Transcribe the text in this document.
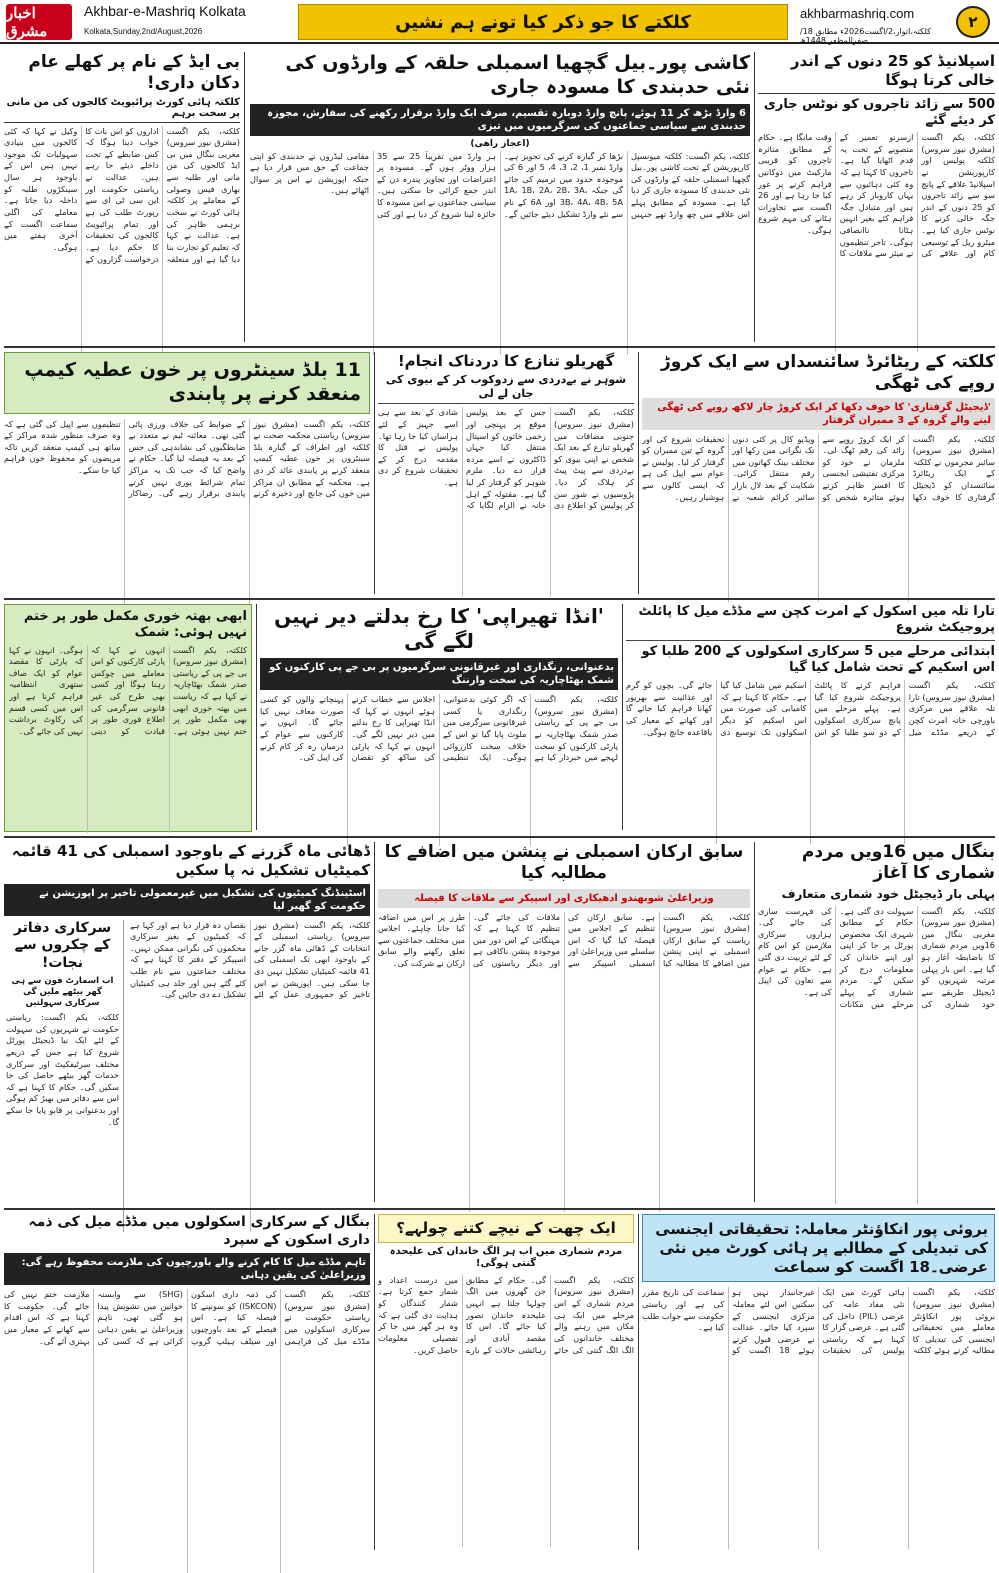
اخبار مشرق
Akhbar-e-Mashriq Kolkata
Kolkata,Sunday,2nd/August,2026	کلکتے کا جو ذکر کیا تونے ہم نشیں	akhbarmashriq.com
کلکتہ،اتوار،2/اگست2026ء مطابق 18/صفرالمظفر 1448ھ
۲
بی ایڈ کے نام پر کھلے عام دکان داری!
کلکتہ ہائی کورٹ پرائیویٹ کالجوں کی من مانی پر سخت برہم
کلکتہ، یکم اگست (مشرق نیوز سروس) مغربی بنگال میں بی ایڈ کالجوں کی من مانی اور طلبہ سے بھاری فیس وصولی کے معاملے پر کلکتہ ہائی کورٹ نے سخت برہمی ظاہر کی ہے۔ عدالت نے کہا کہ تعلیم کو تجارت بنا دیا گیا ہے اور متعلقہ اداروں کو اس بات کا جواب دینا ہوگا کہ کس ضابطے کے تحت داخلے دیئے جا رہے ہیں۔ عدالت نے ریاستی حکومت اور این سی ٹی ای سے رپورٹ طلب کی ہے اور تمام پرائیویٹ کالجوں کی تحقیقات کا حکم دیا ہے۔ درخواست گزاروں کے وکیل نے کہا کہ کئی کالجوں میں بنیادی سہولیات تک موجود نہیں ہیں اس کے باوجود ہر سال سینکڑوں طلبہ کو داخلہ دیا جاتا ہے۔ معاملے کی اگلی سماعت اگست کے آخری ہفتے میں ہوگی۔
کاشی پور۔بیل گچھیا اسمبلی حلقہ کے وارڈوں کی نئی حدبندی کا مسودہ جاری
6 وارڈ بڑھ کر 11 ہوئے، پانچ وارڈ دوبارہ تقسیم، صرف ایک وارڈ برقرار رکھنے کی سفارش، مجوزہ حدبندی سے سیاسی جماعتوں کی سرگرمیوں میں تیزی
(اعجاز راھی)
کلکتہ، یکم اگست: کلکتہ میونسپل کارپوریشن کے تحت کاشی پور۔بیل گچھیا اسمبلی حلقہ کے وارڈوں کی نئی حدبندی کا مسودہ جاری کر دیا گیا ہے۔ مسودہ کے مطابق پہلے اس علاقے میں چھ وارڈ تھے جنہیں بڑھا کر گیارہ کرنے کی تجویز ہے۔ وارڈ نمبر 1، 2، 3، 4، 5 اور 6 کی موجودہ حدود میں ترمیم کی جائے گی جبکہ 1A، 1B، 2A، 2B، 3A، 3B، 4A، 4B، 5A اور 6A کے نام سے نئے وارڈ تشکیل دیئے جائیں گے۔ ہر وارڈ میں تقریباً 25 سے 35 ہزار ووٹر ہوں گے۔ مسودہ پر اعتراضات اور تجاویز پندرہ دن کے اندر جمع کرائی جا سکتی ہیں۔ سیاسی جماعتوں نے اس مسودہ کا جائزہ لینا شروع کر دیا ہے اور کئی مقامی لیڈروں نے حدبندی کو اپنی جماعت کے حق میں قرار دیا ہے جبکہ اپوزیشن نے اس پر سوال اٹھائے ہیں۔
اسپلانیڈ کو 25 دنوں کے اندر خالی کرنا ہوگا
500 سے زائد تاجروں کو نوٹس جاری کر دیئے گئے
کلکتہ، یکم اگست (مشرق نیوز سروس) کلکتہ پولیس اور کارپوریشن نے اسپلانیڈ علاقے کے پانچ سو سے زائد تاجروں کو 25 دنوں کے اندر جگہ خالی کرنے کا نوٹس جاری کیا ہے۔ میٹرو ریل کے توسیعی کام اور علاقے کی ازسرنو تعمیر کے منصوبے کے تحت یہ قدم اٹھایا گیا ہے۔ تاجروں کا کہنا ہے کہ وہ کئی دہائیوں سے یہاں کاروبار کر رہے ہیں اور متبادل جگہ فراہم کئے بغیر انہیں ہٹانا ناانصافی ہوگی۔ تاجر تنظیموں نے میئر سے ملاقات کا وقت مانگا ہے۔ حکام کے مطابق متاثرہ تاجروں کو قریبی مارکیٹ میں دوکانیں فراہم کرنے پر غور کیا جا رہا ہے اور 26 اگست سے تجاوزات ہٹانے کی مہم شروع ہوگی۔
11 بلڈ سینٹروں پر خون عطیہ کیمپ منعقد کرنے پر پابندی
کلکتہ، یکم اگست (مشرق نیوز سروس) ریاستی محکمہ صحت نے کلکتہ اور اطراف کے گیارہ بلڈ سینٹروں پر خون عطیہ کیمپ منعقد کرنے پر پابندی عائد کر دی ہے۔ محکمہ کے مطابق ان مراکز میں خون کی جانچ اور ذخیرہ کرنے کے ضوابط کی خلاف ورزی پائی گئی تھی۔ معائنہ ٹیم نے متعدد بے ضابطگیوں کی نشاندہی کی جس کے بعد یہ فیصلہ لیا گیا۔ حکام نے واضح کیا کہ جب تک یہ مراکز تمام شرائط پوری نہیں کرتے پابندی برقرار رہے گی۔ رضاکار تنظیموں سے اپیل کی گئی ہے کہ وہ صرف منظور شدہ مراکز کے ساتھ ہی کیمپ منعقد کریں تاکہ مریضوں کو محفوظ خون فراہم کیا جا سکے۔
گھریلو تنازع کا دردناک انجام!
شوہر نے بےدردی سے زدوکوب کر کے بیوی کی جان لے لی
کلکتہ، یکم اگست (مشرق نیوز سروس) جنوبی مضافات میں گھریلو تنازع کے بعد ایک شخص نے اپنی بیوی کو بےدردی سے پیٹ پیٹ کر ہلاک کر دیا۔ پڑوسیوں نے شور سن کر پولیس کو اطلاع دی جس کے بعد پولیس موقع پر پہنچی اور زخمی خاتون کو اسپتال منتقل کیا جہاں ڈاکٹروں نے اسے مردہ قرار دے دیا۔ ملزم شوہر کو گرفتار کر لیا گیا ہے۔ مقتولہ کے اہل خانہ نے الزام لگایا کہ شادی کے بعد سے ہی اسے جہیز کے لئے ہراساں کیا جا رہا تھا۔ پولیس نے قتل کا مقدمہ درج کر کے تحقیقات شروع کر دی ہے۔
کلکتہ کے ریٹائرڈ سائنسداں سے ایک کروڑ روپے کی ٹھگی
'ڈیجیٹل گرفتاری' کا خوف دکھا کر ایک کروڑ چار لاکھ روپے کی ٹھگی لینے والے گروہ کے 3 ممبران گرفتار
کلکتہ، یکم اگست (مشرق نیوز سروس) سائبر مجرموں نے کلکتہ کے ایک ریٹائرڈ سائنسداں کو ڈیجیٹل گرفتاری کا خوف دکھا کر ایک کروڑ روپے سے زائد کی رقم ٹھگ لی۔ ملزمان نے خود کو مرکزی تفتیشی ایجنسی کا افسر ظاہر کرتے ہوئے متاثرہ شخص کو ویڈیو کال پر کئی دنوں تک نگرانی میں رکھا اور مختلف بینک کھاتوں میں رقم منتقل کرائی۔ شکایت کے بعد لال بازار سائبر کرائم شعبہ نے تحقیقات شروع کی اور گروہ کے تین ممبران کو گرفتار کر لیا۔ پولیس نے عوام سے اپیل کی ہے کہ ایسی کالوں سے ہوشیار رہیں۔
ابھی بھتہ خوری مکمل طور پر ختم نہیں ہوئی: شمک
کلکتہ، یکم اگست (مشرق نیوز سروس) بی جے پی کے ریاستی صدر شمک بھٹاچاریہ نے کہا ہے کہ ریاست میں بھتہ خوری ابھی بھی مکمل طور پر ختم نہیں ہوئی ہے۔ انہوں نے کہا کہ پارٹی کارکنوں کو اس معاملے میں چوکس رہنا ہوگا اور کسی بھی طرح کی غیر قانونی سرگرمی کی اطلاع فوری طور پر قیادت کو دینی ہوگی۔ انہوں نے کہا کہ پارٹی کا مقصد عوام کو ایک صاف ستھری انتظامیہ فراہم کرنا ہے اور اس میں کسی قسم کی رکاوٹ برداشت نہیں کی جائے گی۔
'انڈا تھیراپی' کا رخ بدلتے دیر نہیں لگے گی
بدعنوانی، رنگداری اور غیرقانونی سرگرمیوں پر بی جے پی کارکنوں کو شمک بھٹاچاریہ کی سخت وارننگ
کلکتہ، یکم اگست (مشرق نیوز سروس) بی جے پی کے ریاستی صدر شمک بھٹاچاریہ نے پارٹی کارکنوں کو سخت لہجے میں خبردار کیا ہے کہ اگر کوئی بدعنوانی، رنگداری یا کسی غیرقانونی سرگرمی میں ملوث پایا گیا تو اس کے خلاف سخت کارروائی ہوگی۔ ایک تنظیمی اجلاس سے خطاب کرتے ہوئے انہوں نے کہا کہ انڈا تھیراپی کا رخ بدلنے میں دیر نہیں لگے گی۔ انہوں نے کہا کہ پارٹی کی ساکھ کو نقصان پہنچانے والوں کو کسی صورت معاف نہیں کیا جائے گا۔ انہوں نے کارکنوں سے عوام کے درمیان رہ کر کام کرنے کی اپیل کی۔
تارا تلہ میں اسکول کے امرت کچن سے مڈڈے میل کا پائلٹ پروجیکٹ شروع
ابتدائی مرحلے میں 5 سرکاری اسکولوں کے 200 طلبا کو اس اسکیم کے تحت شامل کیا گیا
کلکتہ، یکم اگست (مشرق نیوز سروس) تارا تلہ علاقے میں مرکزی باورچی خانہ امرت کچن کے ذریعے مڈڈے میل فراہم کرنے کا پائلٹ پروجیکٹ شروع کیا گیا ہے۔ پہلے مرحلے میں پانچ سرکاری اسکولوں کے دو سو طلبا کو اس اسکیم میں شامل کیا گیا ہے۔ حکام کا کہنا ہے کہ کامیابی کی صورت میں اس اسکیم کو دیگر اسکولوں تک توسیع دی جائے گی۔ بچوں کو گرم اور غذائیت سے بھرپور کھانا فراہم کیا جائے گا اور کھانے کے معیار کی باقاعدہ جانچ ہوگی۔
ڈھائی ماہ گزرنے کے باوجود اسمبلی کی 41 قائمہ کمیٹیاں تشکیل نہ پا سکیں
اسٹینڈنگ کمیٹیوں کی تشکیل میں غیرمعمولی تاخیر پر اپوزیشن نے حکومت کو گھیر لیا
کلکتہ، یکم اگست (مشرق نیوز سروس) ریاستی اسمبلی کے انتخابات کے ڈھائی ماہ گزر جانے کے باوجود ابھی تک اسمبلی کی 41 قائمہ کمیٹیاں تشکیل نہیں دی جا سکی ہیں۔ اپوزیشن نے اس تاخیر کو جمہوری عمل کے لئے نقصان دہ قرار دیا ہے اور کہا ہے کہ کمیٹیوں کے بغیر سرکاری محکموں کی نگرانی ممکن نہیں۔ اسپیکر کے دفتر کا کہنا ہے کہ مختلف جماعتوں سے نام طلب کئے گئے ہیں اور جلد ہی کمیٹیاں تشکیل دے دی جائیں گی۔
سرکاری دفاتر کے چکروں سے نجات!
اب اسمارٹ فون سے ہی گھر بیٹھے ملیں گی سرکاری سہولتیں
کلکتہ، یکم اگست: ریاستی حکومت نے شہریوں کی سہولت کے لئے ایک نیا ڈیجیٹل پورٹل شروع کیا ہے جس کے ذریعے مختلف سرٹیفکیٹ اور سرکاری خدمات گھر بیٹھے حاصل کی جا سکیں گی۔ حکام کا کہنا ہے کہ اس سے دفاتر میں بھیڑ کم ہوگی اور بدعنوانی پر قابو پایا جا سکے گا۔
سابق ارکان اسمبلی نے پنشن میں اضافے کا مطالبہ کیا
وزیراعلیٰ شوبھندو ادھیکاری اور اسپیکر سے ملاقات کا فیصلہ
کلکتہ، یکم اگست (مشرق نیوز سروس) ریاست کے سابق ارکان اسمبلی نے اپنی پنشن میں اضافے کا مطالبہ کیا ہے۔ سابق ارکان کی تنظیم کے اجلاس میں فیصلہ کیا گیا کہ اس سلسلے میں وزیراعلیٰ اور اسمبلی اسپیکر سے ملاقات کی جائے گی۔ تنظیم کا کہنا ہے کہ مہنگائی کے اس دور میں موجودہ پنشن ناکافی ہے اور دیگر ریاستوں کی طرز پر اس میں اضافہ کیا جانا چاہئے۔ اجلاس میں مختلف جماعتوں سے تعلق رکھنے والے سابق ارکان نے شرکت کی۔
بنگال میں 16ویں مردم شماری کا آغاز
پہلی بار ڈیجیٹل خود شماری متعارف
کلکتہ، یکم اگست (مشرق نیوز سروس) مغربی بنگال میں 16ویں مردم شماری کا باضابطہ آغاز ہو گیا ہے۔ اس بار پہلی مرتبہ شہریوں کو ڈیجیٹل طریقے سے خود شماری کی سہولت دی گئی ہے۔ حکام کے مطابق شہری ایک مخصوص پورٹل پر جا کر اپنی اور اپنے خاندان کی معلومات درج کر سکیں گے۔ مردم شماری کے پہلے مرحلے میں مکانات کی فہرست سازی کی جائے گی۔ ہزاروں سرکاری ملازمین کو اس کام کے لئے تربیت دی گئی ہے۔ حکام نے عوام سے تعاون کی اپیل کی ہے۔
بنگال کے سرکاری اسکولوں میں مڈڈے میل کی ذمہ داری اسکون کے سپرد
تاہم مڈڈے میل کا کام کرنے والے باورچیوں کی ملازمت محفوظ رہے گی: وزیراعلیٰ کی یقین دہانی
کلکتہ، یکم اگست (مشرق نیوز سروس) ریاستی حکومت نے سرکاری اسکولوں میں مڈڈے میل کی فراہمی کی ذمہ داری اسکون (ISKCON) کو سونپنے کا فیصلہ کیا ہے۔ اس فیصلے کے بعد باورچیوں اور سیلف ہیلپ گروپ (SHG) سے وابستہ خواتین میں تشویش پیدا ہو گئی تھی، تاہم وزیراعلیٰ نے یقین دہانی کرائی ہے کہ کسی کی ملازمت ختم نہیں کی جائے گی۔ حکومت کا کہنا ہے کہ اس اقدام سے کھانے کے معیار میں بہتری آئے گی۔
ایک چھت کے نیچے کتنے چولہے؟
مردم شماری میں اب ہر الگ خاندان کی علیحدہ گنتی ہوگی!
کلکتہ، یکم اگست (مشرق نیوز سروس) مردم شماری کے اس مرحلے میں ایک ہی مکان میں رہنے والے مختلف خاندانوں کی الگ الگ گنتی کی جائے گی۔ حکام کے مطابق جن گھروں میں الگ چولہا جلتا ہے انہیں علیحدہ خاندان تصور کیا جائے گا۔ اس کا مقصد آبادی اور رہائشی حالات کے بارے میں درست اعداد و شمار جمع کرنا ہے۔ شمار کنندگان کو ہدایت دی گئی ہے کہ وہ ہر گھر میں جا کر تفصیلی معلومات حاصل کریں۔
بروئی پور انکاؤنٹر معاملہ: تحقیقاتی ایجنسی کی تبدیلی کے مطالبے پر ہائی کورٹ میں نئی عرضی۔18 اگست کو سماعت
کلکتہ، یکم اگست (مشرق نیوز سروس) بروئی پور انکاؤنٹر معاملے میں تحقیقاتی ایجنسی کی تبدیلی کا مطالبہ کرتے ہوئے کلکتہ ہائی کورٹ میں ایک نئی مفاد عامہ کی عرضی (PIL) داخل کی گئی ہے۔ عرضی گزار کا کہنا ہے کہ ریاستی پولیس کی تحقیقات غیرجانبدار نہیں ہو سکتیں اس لئے معاملہ مرکزی ایجنسی کے سپرد کیا جائے۔ عدالت نے عرضی قبول کرتے ہوئے 18 اگست کو سماعت کی تاریخ مقرر کی ہے اور ریاستی حکومت سے جواب طلب کیا ہے۔
